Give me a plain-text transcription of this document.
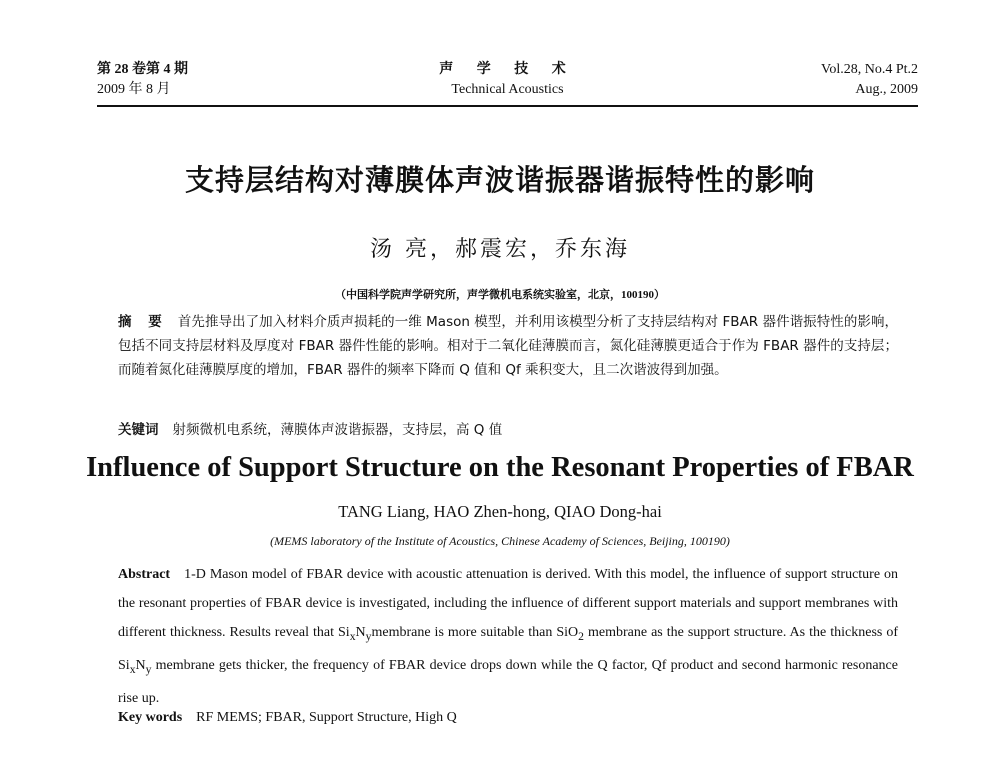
第 28 卷第 4 期
2009 年 8 月
声 学 技 术
Technical Acoustics
Vol.28, No.4 Pt.2
Aug., 2009
支持层结构对薄膜体声波谐振器谐振特性的影响
汤 亮，郝震宏，乔东海
（中国科学院声学研究所，声学微机电系统实验室，北京，100190）
摘 要 首先推导出了加入材料介质声损耗的一维 Mason 模型，并利用该模型分析了支持层结构对 FBAR 器件谐振特性的影响，包括不同支持层材料及厚度对 FBAR 器件性能的影响。相对于二氧化硅薄膜而言，氮化硅薄膜更适合于作为 FBAR 器件的支持层；而随着氮化硅薄膜厚度的增加，FBAR 器件的频率下降而 Q 值和 Qf 乘积变大，且二次谐波得到加强。
关键词 射频微机电系统，薄膜体声波谐振器，支持层，高 Q 值
Influence of Support Structure on the Resonant Properties of FBAR
TANG Liang, HAO Zhen-hong, QIAO Dong-hai
(MEMS laboratory of the Institute of Acoustics, Chinese Academy of Sciences, Beijing, 100190)
Abstract 1-D Mason model of FBAR device with acoustic attenuation is derived. With this model, the influence of support structure on the resonant properties of FBAR device is investigated, including the influence of different support materials and support membranes with different thickness. Results reveal that $Si_xN_ymembrane$ is more suitable than SiO$_2$ membrane as the support structure. As the thickness of $Si_xN_y$ membrane gets thicker, the frequency of FBAR device drops down while the Q factor, Qf product and second harmonic resonance rise up.
Key words RF MEMS; FBAR, Support Structure, High Q
